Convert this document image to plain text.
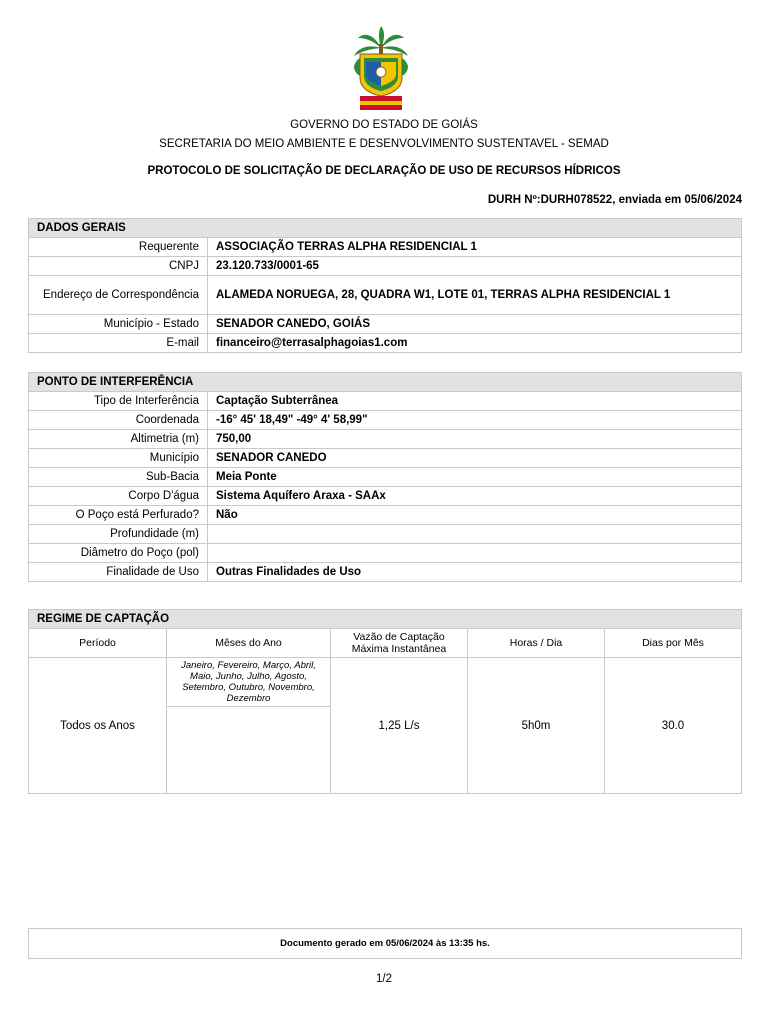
GOVERNO DO ESTADO DE GOIÁS
SECRETARIA DO MEIO AMBIENTE E DESENVOLVIMENTO SUSTENTAVEL - SEMAD
PROTOCOLO DE SOLICITAÇÃO DE DECLARAÇÃO DE USO DE RECURSOS HÍDRICOS
DURH Nº:DURH078522, enviada em 05/06/2024
DADOS GERAIS	
Requerente	ASSOCIAÇÃO TERRAS ALPHA RESIDENCIAL 1
CNPJ	23.120.733/0001-65
Endereço de Correspondência	ALAMEDA NORUEGA, 28, QUADRA W1, LOTE 01, TERRAS ALPHA RESIDENCIAL 1
Município - Estado	SENADOR CANEDO, GOIÁS
E-mail	financeiro@terrasalphagoias1.com
PONTO DE INTERFERÊNCIA	
Tipo de Interferência	Captação Subterrânea
Coordenada	-16° 45' 18,49" -49° 4' 58,99"
Altimetria (m)	750,00
Município	SENADOR CANEDO
Sub-Bacia	Meia Ponte
Corpo D'água	Sistema Aquífero Araxa - SAAx
O Poço está Perfurado?	Não
Profundidade (m)	
Diâmetro do Poço (pol)	
Finalidade de Uso	Outras Finalidades de Uso
REGIME DE CAPTAÇÃO				
Período	Mêses do Ano	Vazão de Captação Máxima Instantânea	Horas / Dia	Dias por Mês
Todos os Anos	Janeiro, Fevereiro, Março, Abril, Maio, Junho, Julho, Agosto, Setembro, Outubro, Novembro, Dezembro	1,25 L/s	5h0m	30.0

Documento gerado em 05/06/2024 às 13:35 hs.
1/2
